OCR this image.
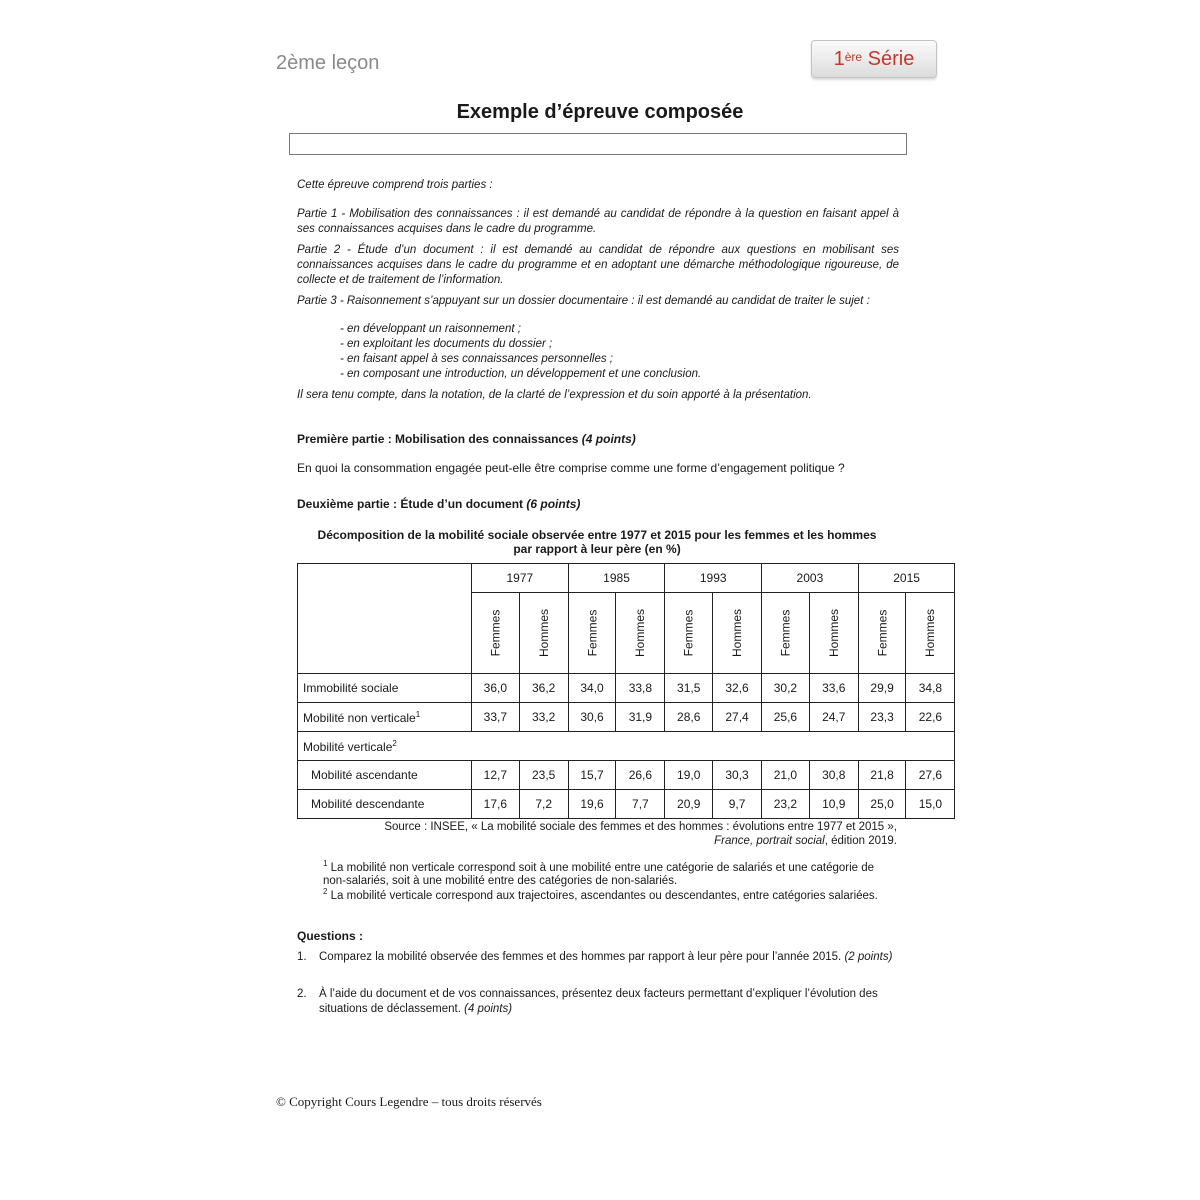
2ème leçon	1ère
Série
Exemple d’épreuve composée
Cette épreuve comprend trois parties :
Partie 1 - Mobilisation des connaissances : il est demandé au candidat de répondre à la question en faisant appel à ses connaissances acquises dans le cadre du programme.
Partie 2 - Étude d’un document : il est demandé au candidat de répondre aux questions en mobilisant ses connaissances acquises dans le cadre du programme et en adoptant une démarche méthodologique rigoureuse, de collecte et de traitement de l’information.
Partie 3 - Raisonnement s’appuyant sur un dossier documentaire : il est demandé au candidat de traiter le sujet :
- en développant un raisonnement ;
- en exploitant les documents du dossier ;
- en faisant appel à ses connaissances personnelles ;
- en composant une introduction, un développement et une conclusion.
Il sera tenu compte, dans la notation, de la clarté de l’expression et du soin apporté à la présentation.
Première partie : Mobilisation des connaissances (4 points)
En quoi la consommation engagée peut-elle être comprise comme une forme d’engagement politique ?
Deuxième partie : Étude d’un document (6 points)
Décomposition de la mobilité sociale observée entre 1977 et 2015 pour les femmes et les hommes
par rapport à leur père (en %)
	1977		1985		1993		2003		2015	
	Femmes	Hommes	Femmes	Hommes	Femmes	Hommes	Femmes	Hommes	Femmes	Hommes
Immobilité sociale	36,0	36,2	34,0	33,8	31,5	32,6	30,2	33,6	29,9	34,8
Mobilité non verticale$^1$	33,7	33,2	30,6	31,9	28,6	27,4	25,6	24,7	23,3	22,6
Mobilité verticale$^2$
Mobilité ascendante	12,7	23,5	15,7	26,6	19,0	30,3	21,0	30,8	21,8	27,6
Mobilité descendante	17,6	7,2	19,6	7,7	20,9	9,7	23,2	10,9	25,0	15,0
Source : INSEE, « La mobilité sociale des femmes et des hommes : évolutions entre 1977 et 2015 »,
France, portrait social, édition 2019.
$^1$ La mobilité non verticale correspond soit à une mobilité entre une catégorie de salariés et une catégorie de non-salariés, soit à une mobilité entre des catégories de non-salariés.
$^2$ La mobilité verticale correspond aux trajectoires, ascendantes ou descendantes, entre catégories salariées.
Questions :
1. Comparez la mobilité observée des femmes et des hommes par rapport à leur père pour l’année 2015. (2 points)
2. À l’aide du document et de vos connaissances, présentez deux facteurs permettant d’expliquer l’évolution des situations de déclassement. (4 points)
© Copyright Cours Legendre – tous droits réservés
